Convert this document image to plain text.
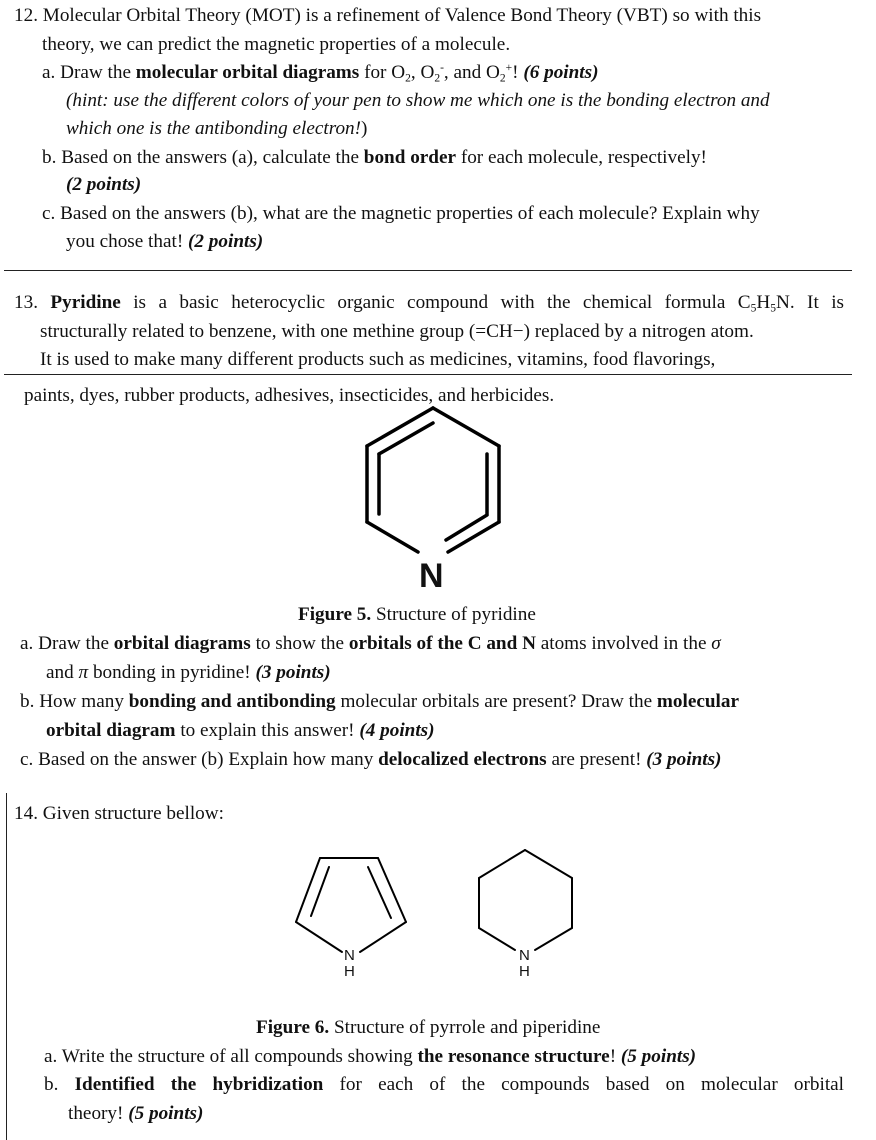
12. Molecular Orbital Theory (MOT) is a refinement of Valence Bond Theory (VBT) so with this
theory, we can predict the magnetic properties of a molecule.
a. Draw the molecular orbital diagrams for $O_2$, $O_2^-$, and $O_2^+$! (6 points)
(hint: use the different colors of your pen to show me which one is the bonding electron and
which one is the antibonding electron!)
b. Based on the answers (a), calculate the bond order for each molecule, respectively!
(2 points)
c. Based on the answers (b), what are the magnetic properties of each molecule? Explain why
you chose that! (2 points)
13. Pyridine is a basic heterocyclic organic compound with the chemical formula $C_5H_5N$. It is
structurally related to benzene, with one methine group (=CH−) replaced by a nitrogen atom.
It is used to make many different products such as medicines, vitamins, food flavorings,
paints, dyes, rubber products, adhesives, insecticides, and herbicides.
N
Figure 5. Structure of pyridine
a. Draw the orbital diagrams to show the orbitals of the C and N atoms involved in the σ
and π bonding in pyridine! (3 points)
b. How many bonding and antibonding molecular orbitals are present? Draw the molecular
orbital diagram to explain this answer! (4 points)
c. Based on the answer (b) Explain how many delocalized electrons are present! (3 points)
14. Given structure bellow:
N
H
N
H
Figure 6. Structure of pyrrole and piperidine
a. Write the structure of all compounds showing the resonance structure! (5 points)
b. Identified the hybridization for each of the compounds based on molecular orbital
theory! (5 points)
